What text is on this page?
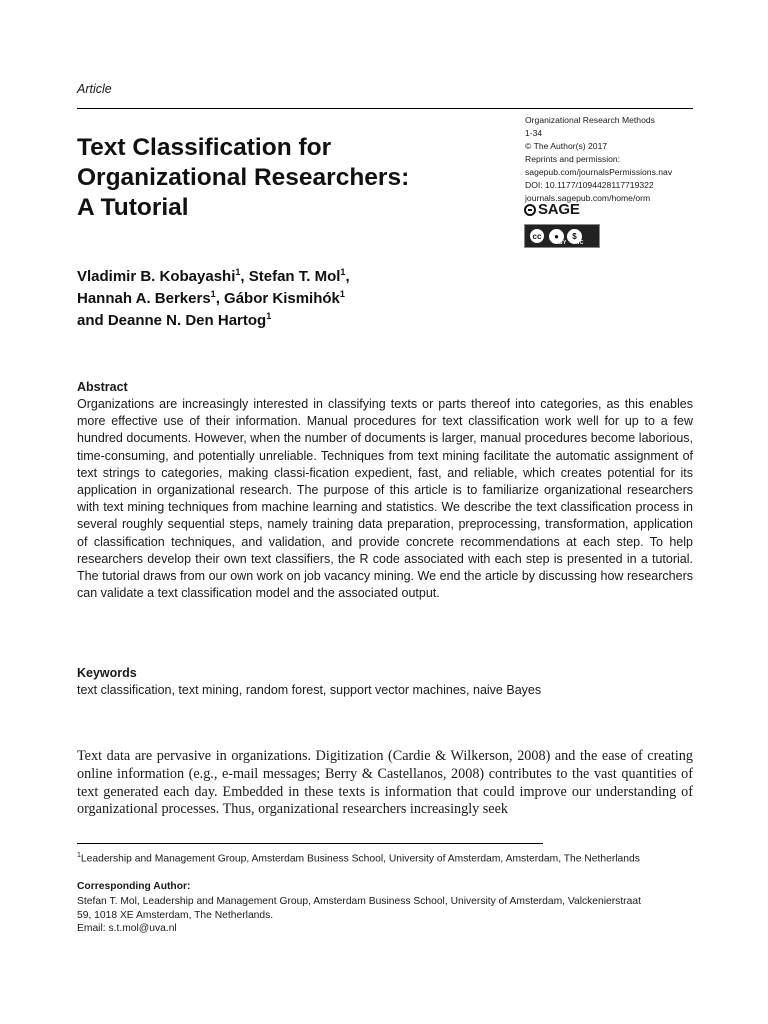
Article
Organizational Research Methods
1-34
© The Author(s) 2017
Reprints and permission:
sagepub.com/journalsPermissions.nav
DOI: 10.1177/1094428117719322
journals.sagepub.com/home/orm
SAGE
cc	●	$
BY NC
Text Classification for
Organizational Researchers:
A Tutorial
Vladimir B. Kobayashi$^1$, Stefan T. Mol$^1$,
Hannah A. Berkers$^1$, Gábor Kismihók$^1$
and Deanne N. Den Hartog$^1$
Abstract

Organizations are increasingly interested in classifying texts or parts thereof into categories, as this enables more effective use of their information. Manual procedures for text classification work well for up to a few hundred documents. However, when the number of documents is larger, manual procedures become laborious, time-consuming, and potentially unreliable. Techniques from text mining facilitate the automatic assignment of text strings to categories, making classi-fication expedient, fast, and reliable, which creates potential for its application in organizational research. The purpose of this article is to familiarize organizational researchers with text mining techniques from machine learning and statistics. We describe the text classification process in several roughly sequential steps, namely training data preparation, preprocessing, transformation, application of classification techniques, and validation, and provide concrete recommendations at each step. To help researchers develop their own text classifiers, the R code associated with each step is presented in a tutorial. The tutorial draws from our own work on job vacancy mining. We end the article by discussing how researchers can validate a text classification model and the associated output.

Keywords
text classification, text mining, random forest, support vector machines, naive Bayes

Text data are pervasive in organizations. Digitization (Cardie & Wilkerson, 2008) and the ease of creating online information (e.g., e-mail messages; Berry & Castellanos, 2008) contributes to the vast quantities of text generated each day. Embedded in these texts is information that could improve our understanding of organizational processes. Thus, organizational researchers increasingly seek

$^1$Leadership and Management Group, Amsterdam Business School, University of Amsterdam, Amsterdam, The Netherlands
Corresponding Author:
Stefan T. Mol, Leadership and Management Group, Amsterdam Business School, University of Amsterdam, Valckenierstraat
59, 1018 XE Amsterdam, The Netherlands.
Email: s.t.mol@uva.nl
